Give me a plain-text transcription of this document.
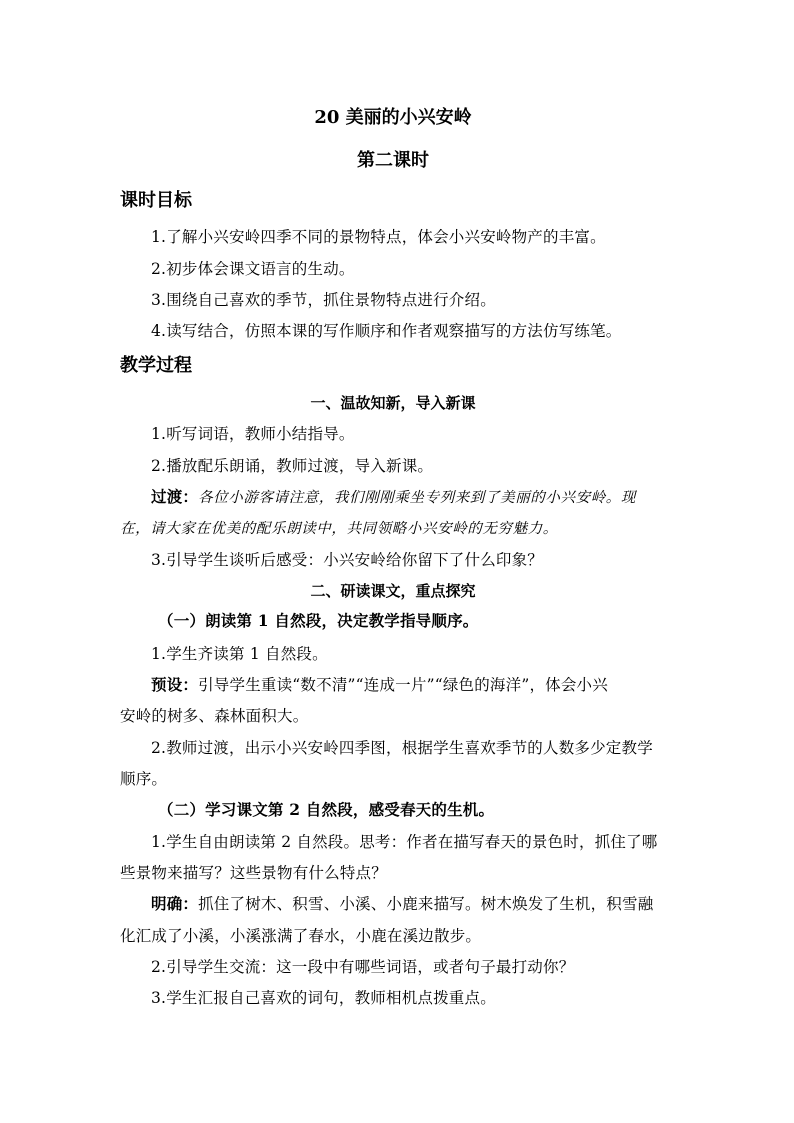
20 美丽的小兴安岭
第二课时
课时目标
1.了解小兴安岭四季不同的景物特点，体会小兴安岭物产的丰富。
2.初步体会课文语言的生动。
3.围绕自己喜欢的季节，抓住景物特点进行介绍。
4.读写结合，仿照本课的写作顺序和作者观察描写的方法仿写练笔。
教学过程
一、温故知新，导入新课
1.听写词语，教师小结指导。
2.播放配乐朗诵，教师过渡，导入新课。
过渡：各位小游客请注意，我们刚刚乘坐专列来到了美丽的小兴安岭。现
在，请大家在优美的配乐朗读中，共同领略小兴安岭的无穷魅力。
3.引导学生谈听后感受：小兴安岭给你留下了什么印象？
二、研读课文，重点探究
（一）朗读第 1 自然段，决定教学指导顺序。
1.学生齐读第 1 自然段。
预设：引导学生重读“数不清”“连成一片”“绿色的海洋”，体会小兴
安岭的树多、森林面积大。
2.教师过渡，出示小兴安岭四季图，根据学生喜欢季节的人数多少定教学
顺序。
（二）学习课文第 2 自然段，感受春天的生机。
1.学生自由朗读第 2 自然段。思考：作者在描写春天的景色时，抓住了哪
些景物来描写？这些景物有什么特点？
明确：抓住了树木、积雪、小溪、小鹿来描写。树木焕发了生机，积雪融
化汇成了小溪，小溪涨满了春水，小鹿在溪边散步。
2.引导学生交流：这一段中有哪些词语，或者句子最打动你？
3.学生汇报自己喜欢的词句，教师相机点拨重点。
